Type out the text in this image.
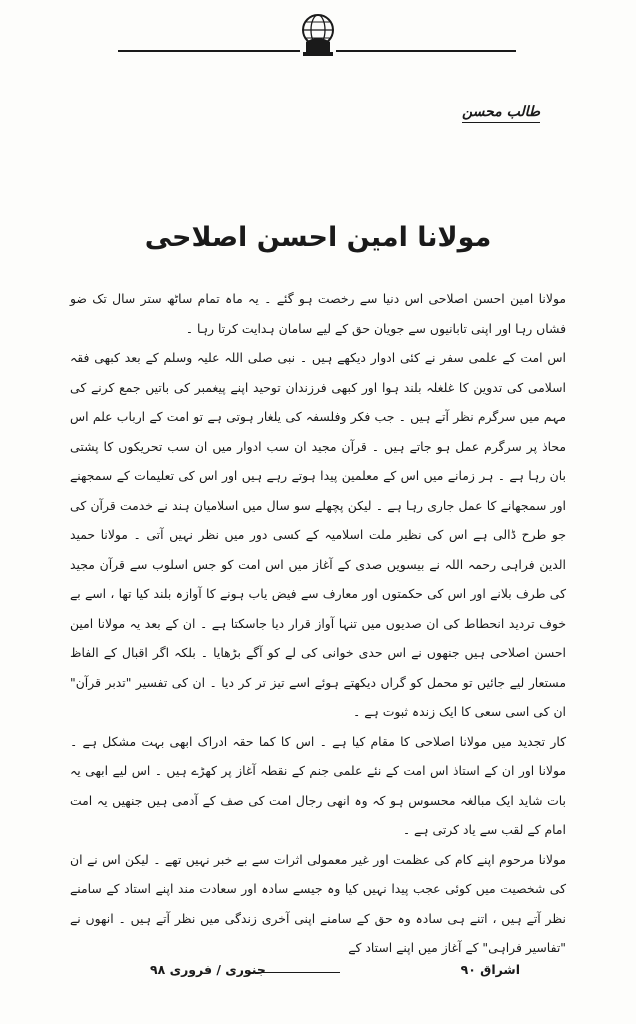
طالب محسن
مولانا امین احسن اصلاحی

مولانا امین احسن اصلاحی اس دنیا سے رخصت ہو گئے ۔ یہ ماہ تمام ساٹھ ستر سال تک ضو فشاں رہا اور اپنی تابانیوں سے جویان حق کے لیے سامان ہدایت کرتا رہا ۔

اس امت کے علمی سفر نے کئی ادوار دیکھے ہیں ۔ نبی صلی اللہ علیہ وسلم کے بعد کبھی فقہ اسلامی کی تدوین کا غلغلہ بلند ہوا اور کبھی فرزندان توحید اپنے پیغمبر کی باتیں جمع کرنے کی مہم میں سرگرم نظر آتے ہیں ۔ جب فکر وفلسفہ کی یلغار ہوتی ہے تو امت کے ارباب علم اس محاذ پر سرگرم عمل ہو جاتے ہیں ۔ قرآن مجید ان سب ادوار میں ان سب تحریکوں کا پشتی بان رہا ہے ۔ ہر زمانے میں اس کے معلمین پیدا ہوتے رہے ہیں اور اس کی تعلیمات کے سمجھنے اور سمجھانے کا عمل جاری رہا ہے ۔ لیکن پچھلے سو سال میں اسلامیان ہند نے خدمت قرآن کی جو طرح ڈالی ہے اس کی نظیر ملت اسلامیہ کے کسی دور میں نظر نہیں آتی ۔ مولانا حمید الدین فراہی رحمہ اللہ نے بیسویں صدی کے آغاز میں اس امت کو جس اسلوب سے قرآن مجید کی طرف بلانے اور اس کی حکمتوں اور معارف سے فیض یاب ہونے کا آوازہ بلند کیا تھا ، اسے بے خوف تردید انحطاط کی ان صدیوں میں تنہا آواز قرار دیا جاسکتا ہے ۔ ان کے بعد یہ مولانا امین احسن اصلاحی ہیں جنھوں نے اس حدی خوانی کی لے کو آگے بڑھایا ۔ بلکہ اگر اقبال کے الفاظ مستعار لیے جائیں تو محمل کو گراں دیکھتے ہوئے اسے تیز تر کر دیا ۔ ان کی تفسیر "تدبر قرآن" ان کی اسی سعی کا ایک زندہ ثبوت ہے ۔

کار تجدید میں مولانا اصلاحی کا مقام کیا ہے ۔ اس کا کما حقہ ادراک ابھی بہت مشکل ہے ۔ مولانا اور ان کے استاذ اس امت کے نئے علمی جنم کے نقطہ آغاز پر کھڑے ہیں ۔ اس لیے ابھی یہ بات شاید ایک مبالغہ محسوس ہو کہ وہ انھی رجال امت کی صف کے آدمی ہیں جنھیں یہ امت امام کے لقب سے یاد کرتی ہے ۔

مولانا مرحوم اپنے کام کی عظمت اور غیر معمولی اثرات سے بے خبر نہیں تھے ۔ لیکن اس نے ان کی شخصیت میں کوئی عجب پیدا نہیں کیا وہ جیسے سادہ اور سعادت مند اپنے استاد کے سامنے نظر آتے ہیں ، اتنے ہی سادہ وہ حق کے سامنے اپنی آخری زندگی میں نظر آتے ہیں ۔ انھوں نے "تفاسیر فراہی" کے آغاز میں اپنے استاد کے

اشراق ۹۰
جنوری / فروری ۹۸
